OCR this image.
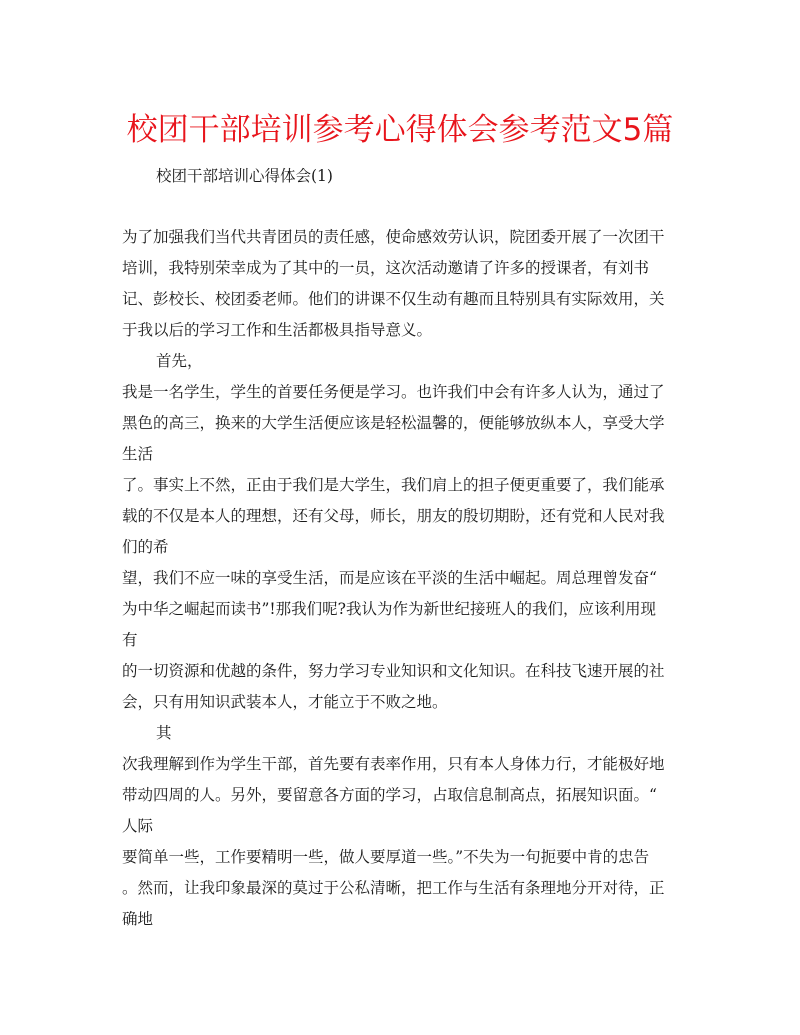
校团干部培训参考心得体会参考范文5篇
校团干部培训心得体会(1)
为了加强我们当代共青团员的责任感，使命感效劳认识，院团委开展了一次团干
培训，我特别荣幸成为了其中的一员，这次活动邀请了许多的授课者，有刘书
记、彭校长、校团委老师。他们的讲课不仅生动有趣而且特别具有实际效用，关
于我以后的学习工作和生活都极具指导意义。
首先，
我是一名学生，学生的首要任务便是学习。也许我们中会有许多人认为，通过了
黑色的高三，换来的大学生活便应该是轻松温馨的，便能够放纵本人，享受大学
生活
了。事实上不然，正由于我们是大学生，我们肩上的担子便更重要了，我们能承
载的不仅是本人的理想，还有父母，师长，朋友的殷切期盼，还有党和人民对我
们的希
望，我们不应一味的享受生活，而是应该在平淡的生活中崛起。周总理曾发奋“
为中华之崛起而读书”!那我们呢?我认为作为新世纪接班人的我们，应该利用现
有
的一切资源和优越的条件，努力学习专业知识和文化知识。在科技飞速开展的社
会，只有用知识武装本人，才能立于不败之地。
其
次我理解到作为学生干部，首先要有表率作用，只有本人身体力行，才能极好地
带动四周的人。另外，要留意各方面的学习，占取信息制高点，拓展知识面。“
人际
要简单一些，工作要精明一些，做人要厚道一些。”不失为一句扼要中肯的忠告
。然而，让我印象最深的莫过于公私清晰，把工作与生活有条理地分开对待，正
确地
